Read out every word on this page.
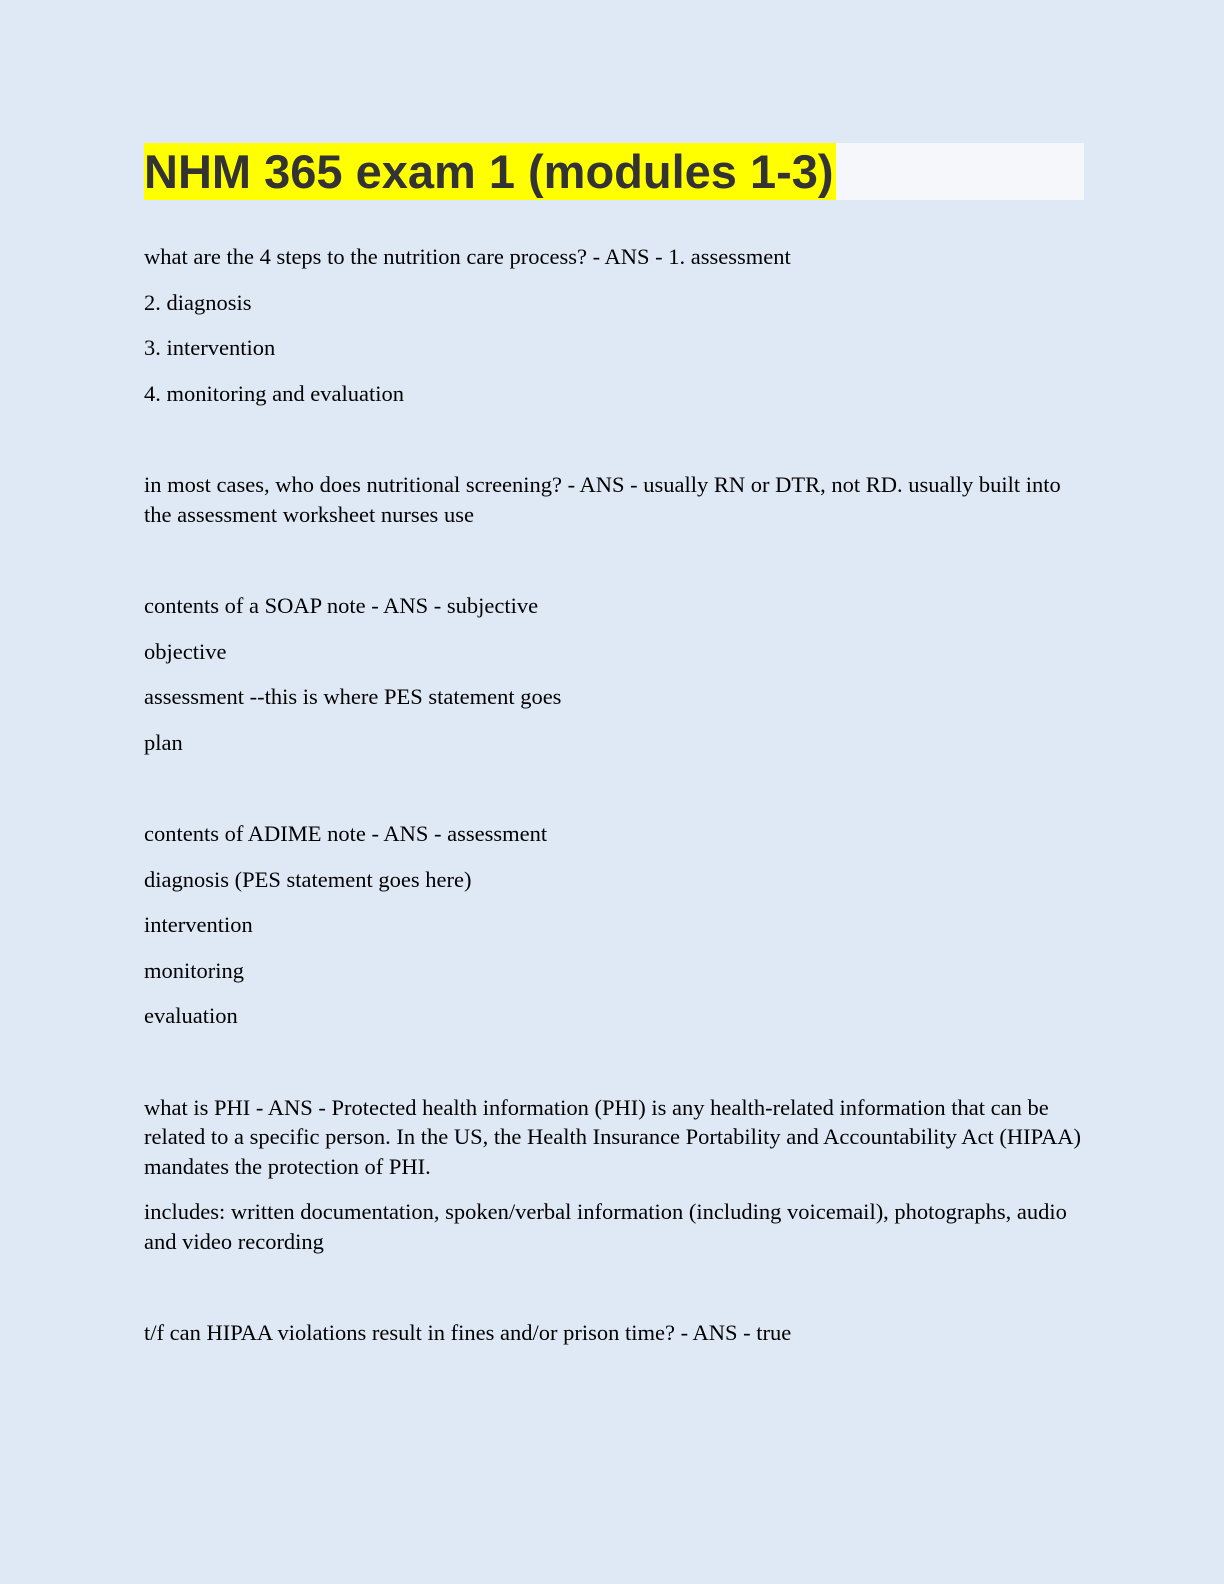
NHM 365 exam 1 (modules 1-3)

what are the 4 steps to the nutrition care process? - ANS - 1. assessment

2. diagnosis

3. intervention

4. monitoring and evaluation

in most cases, who does nutritional screening? - ANS - usually RN or DTR, not RD. usually built into the assessment worksheet nurses use

contents of a SOAP note - ANS - subjective

objective

assessment --this is where PES statement goes

plan

contents of ADIME note - ANS - assessment

diagnosis (PES statement goes here)

intervention

monitoring

evaluation

what is PHI - ANS - Protected health information (PHI) is any health-related information that can be related to a specific person. In the US, the Health Insurance Portability and Accountability Act (HIPAA) mandates the protection of PHI.

includes: written documentation, spoken/verbal information (including voicemail), photographs, audio and video recording

t/f can HIPAA violations result in fines and/or prison time? - ANS - true
